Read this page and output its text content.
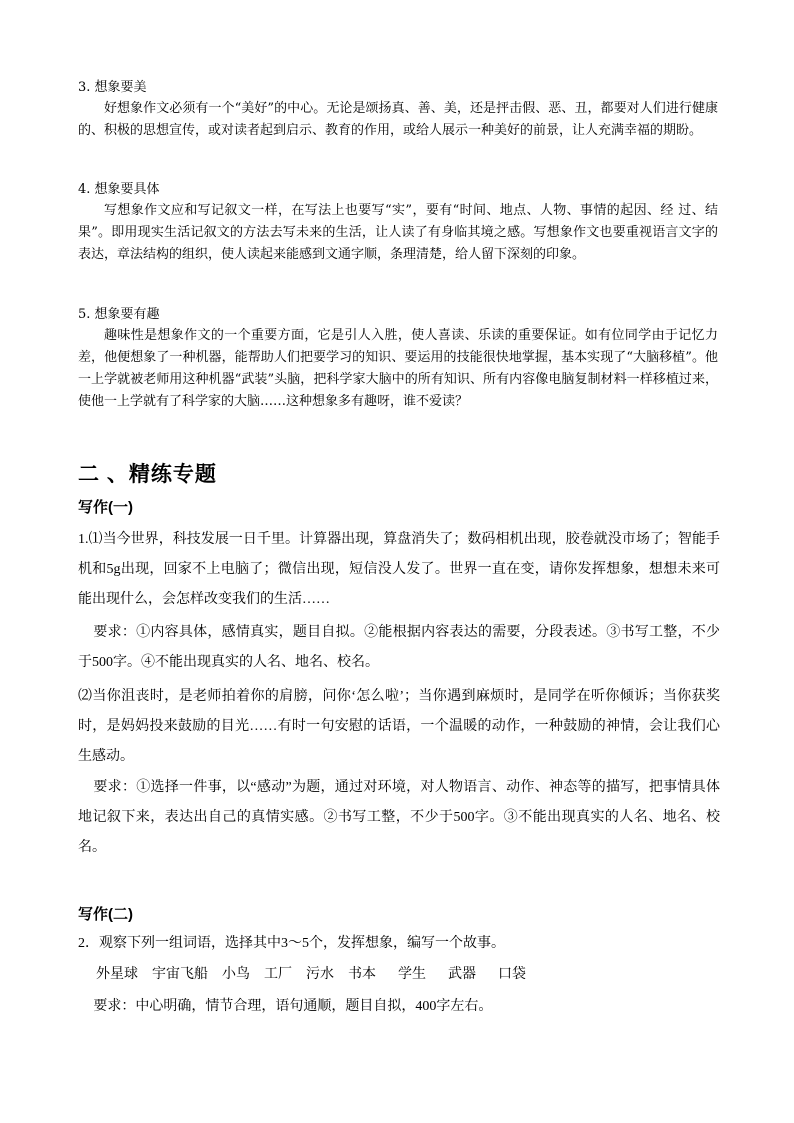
3. 想象要美

好想象作文必须有一个“美好”的中心。无论是颂扬真、善、美，还是抨击假、恶、丑，都要对人们进行健康的、积极的思想宣传，或对读者起到启示、教育的作用，或给人展示一种美好的前景，让人充满幸福的期盼。

4. 想象要具体

写想象作文应和写记叙文一样，在写法上也要写“实”，要有“时间、地点、人物、事情的起因、经 过、结果”。即用现实生活记叙文的方法去写未来的生活，让人读了有身临其境之感。写想象作文也要重视语言文字的表达，章法结构的组织，使人读起来能感到文通字顺，条理清楚，给人留下深刻的印象。

5. 想象要有趣

趣味性是想象作文的一个重要方面，它是引人入胜，使人喜读、乐读的重要保证。如有位同学由于记忆力差，他便想象了一种机器，能帮助人们把要学习的知识、要运用的技能很快地掌握，基本实现了“大脑移植”。他一上学就被老师用这种机器“武装”头脑，把科学家大脑中的所有知识、所有内容像电脑复制材料一样移植过来，使他一上学就有了科学家的大脑……这种想象多有趣呀，谁不爱读？

二 、精练专题
写作(一)

1.⑴当今世界，科技发展一日千里。计算器出现，算盘消失了；数码相机出现，胶卷就没市场了；智能手机和5g出现，回家不上电脑了；微信出现，短信没人发了。世界一直在变，请你发挥想象，想想未来可能出现什么，会怎样改变我们的生活……

要求：①内容具体，感情真实，题目自拟。②能根据内容表达的需要，分段表述。③书写工整，不少于500字。④不能出现真实的人名、地名、校名。

⑵当你沮丧时，是老师拍着你的肩膀，问你‘怎么啦’；当你遇到麻烦时，是同学在听你倾诉；当你获奖时，是妈妈投来鼓励的目光……有时一句安慰的话语，一个温暖的动作，一种鼓励的神情，会让我们心生感动。

要求：①选择一件事，以“感动”为题，通过对环境，对人物语言、动作、神态等的描写，把事情具体地记叙下来，表达出自己的真情实感。②书写工整，不少于500字。③不能出现真实的人名、地名、校名。

写作(二)

2．观察下列一组词语，选择其中3～5个，发挥想象，编写一个故事。

外星球 宇宙飞船 小鸟 工厂 污水 书本 学生 武器 口袋

要求：中心明确，情节合理，语句通顺，题目自拟，400字左右。
